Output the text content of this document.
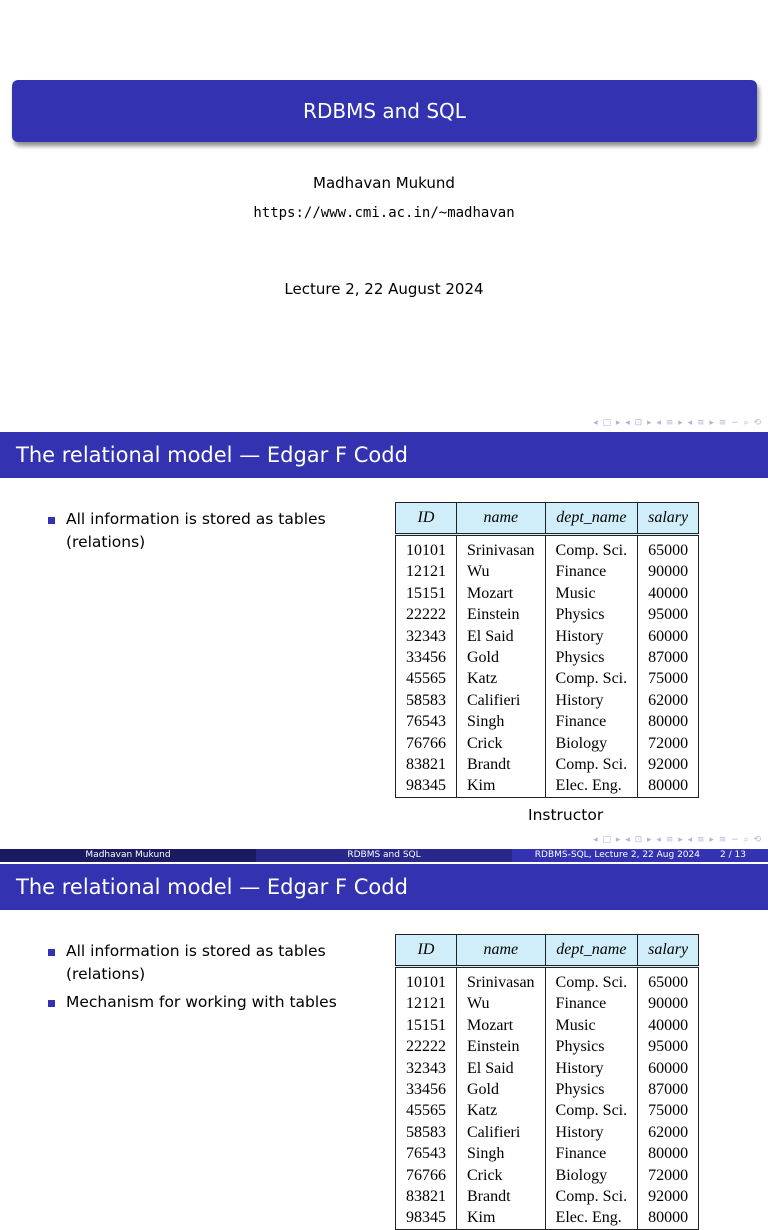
RDBMS and SQL
Madhavan Mukund
https://www.cmi.ac.in/~madhavan
Lecture 2, 22 August 2024
◂ □ ▸ ◂ ⊡ ▸ ◂ ≡ ▸ ◂ ≡ ▸ ≡ ∽ ⌕ ⟲
The relational model — Edgar F Codd
All information is stored as tables (relations)
ID	name	dept_name	salary
10101	Srinivasan	Comp. Sci.	65000
12121	Wu	Finance	90000
15151	Mozart	Music	40000
22222	Einstein	Physics	95000
32343	El Said	History	60000
33456	Gold	Physics	87000
45565	Katz	Comp. Sci.	75000
58583	Califieri	History	62000
76543	Singh	Finance	80000
76766	Crick	Biology	72000
83821	Brandt	Comp. Sci.	92000
98345	Kim	Elec. Eng.	80000
Instructor
◂ □ ▸ ◂ ⊡ ▸ ◂ ≡ ▸ ◂ ≡ ▸ ≡ ∽ ⌕ ⟲
Madhavan Mukund	RDBMS and SQL	RDBMS-SQL, Lecture 2, 22 Aug 2024	2 / 13
The relational model — Edgar F Codd
All information is stored as tables (relations)
Mechanism for working with tables
ID	name	dept_name	salary
10101	Srinivasan	Comp. Sci.	65000
12121	Wu	Finance	90000
15151	Mozart	Music	40000
22222	Einstein	Physics	95000
32343	El Said	History	60000
33456	Gold	Physics	87000
45565	Katz	Comp. Sci.	75000
58583	Califieri	History	62000
76543	Singh	Finance	80000
76766	Crick	Biology	72000
83821	Brandt	Comp. Sci.	92000
98345	Kim	Elec. Eng.	80000
